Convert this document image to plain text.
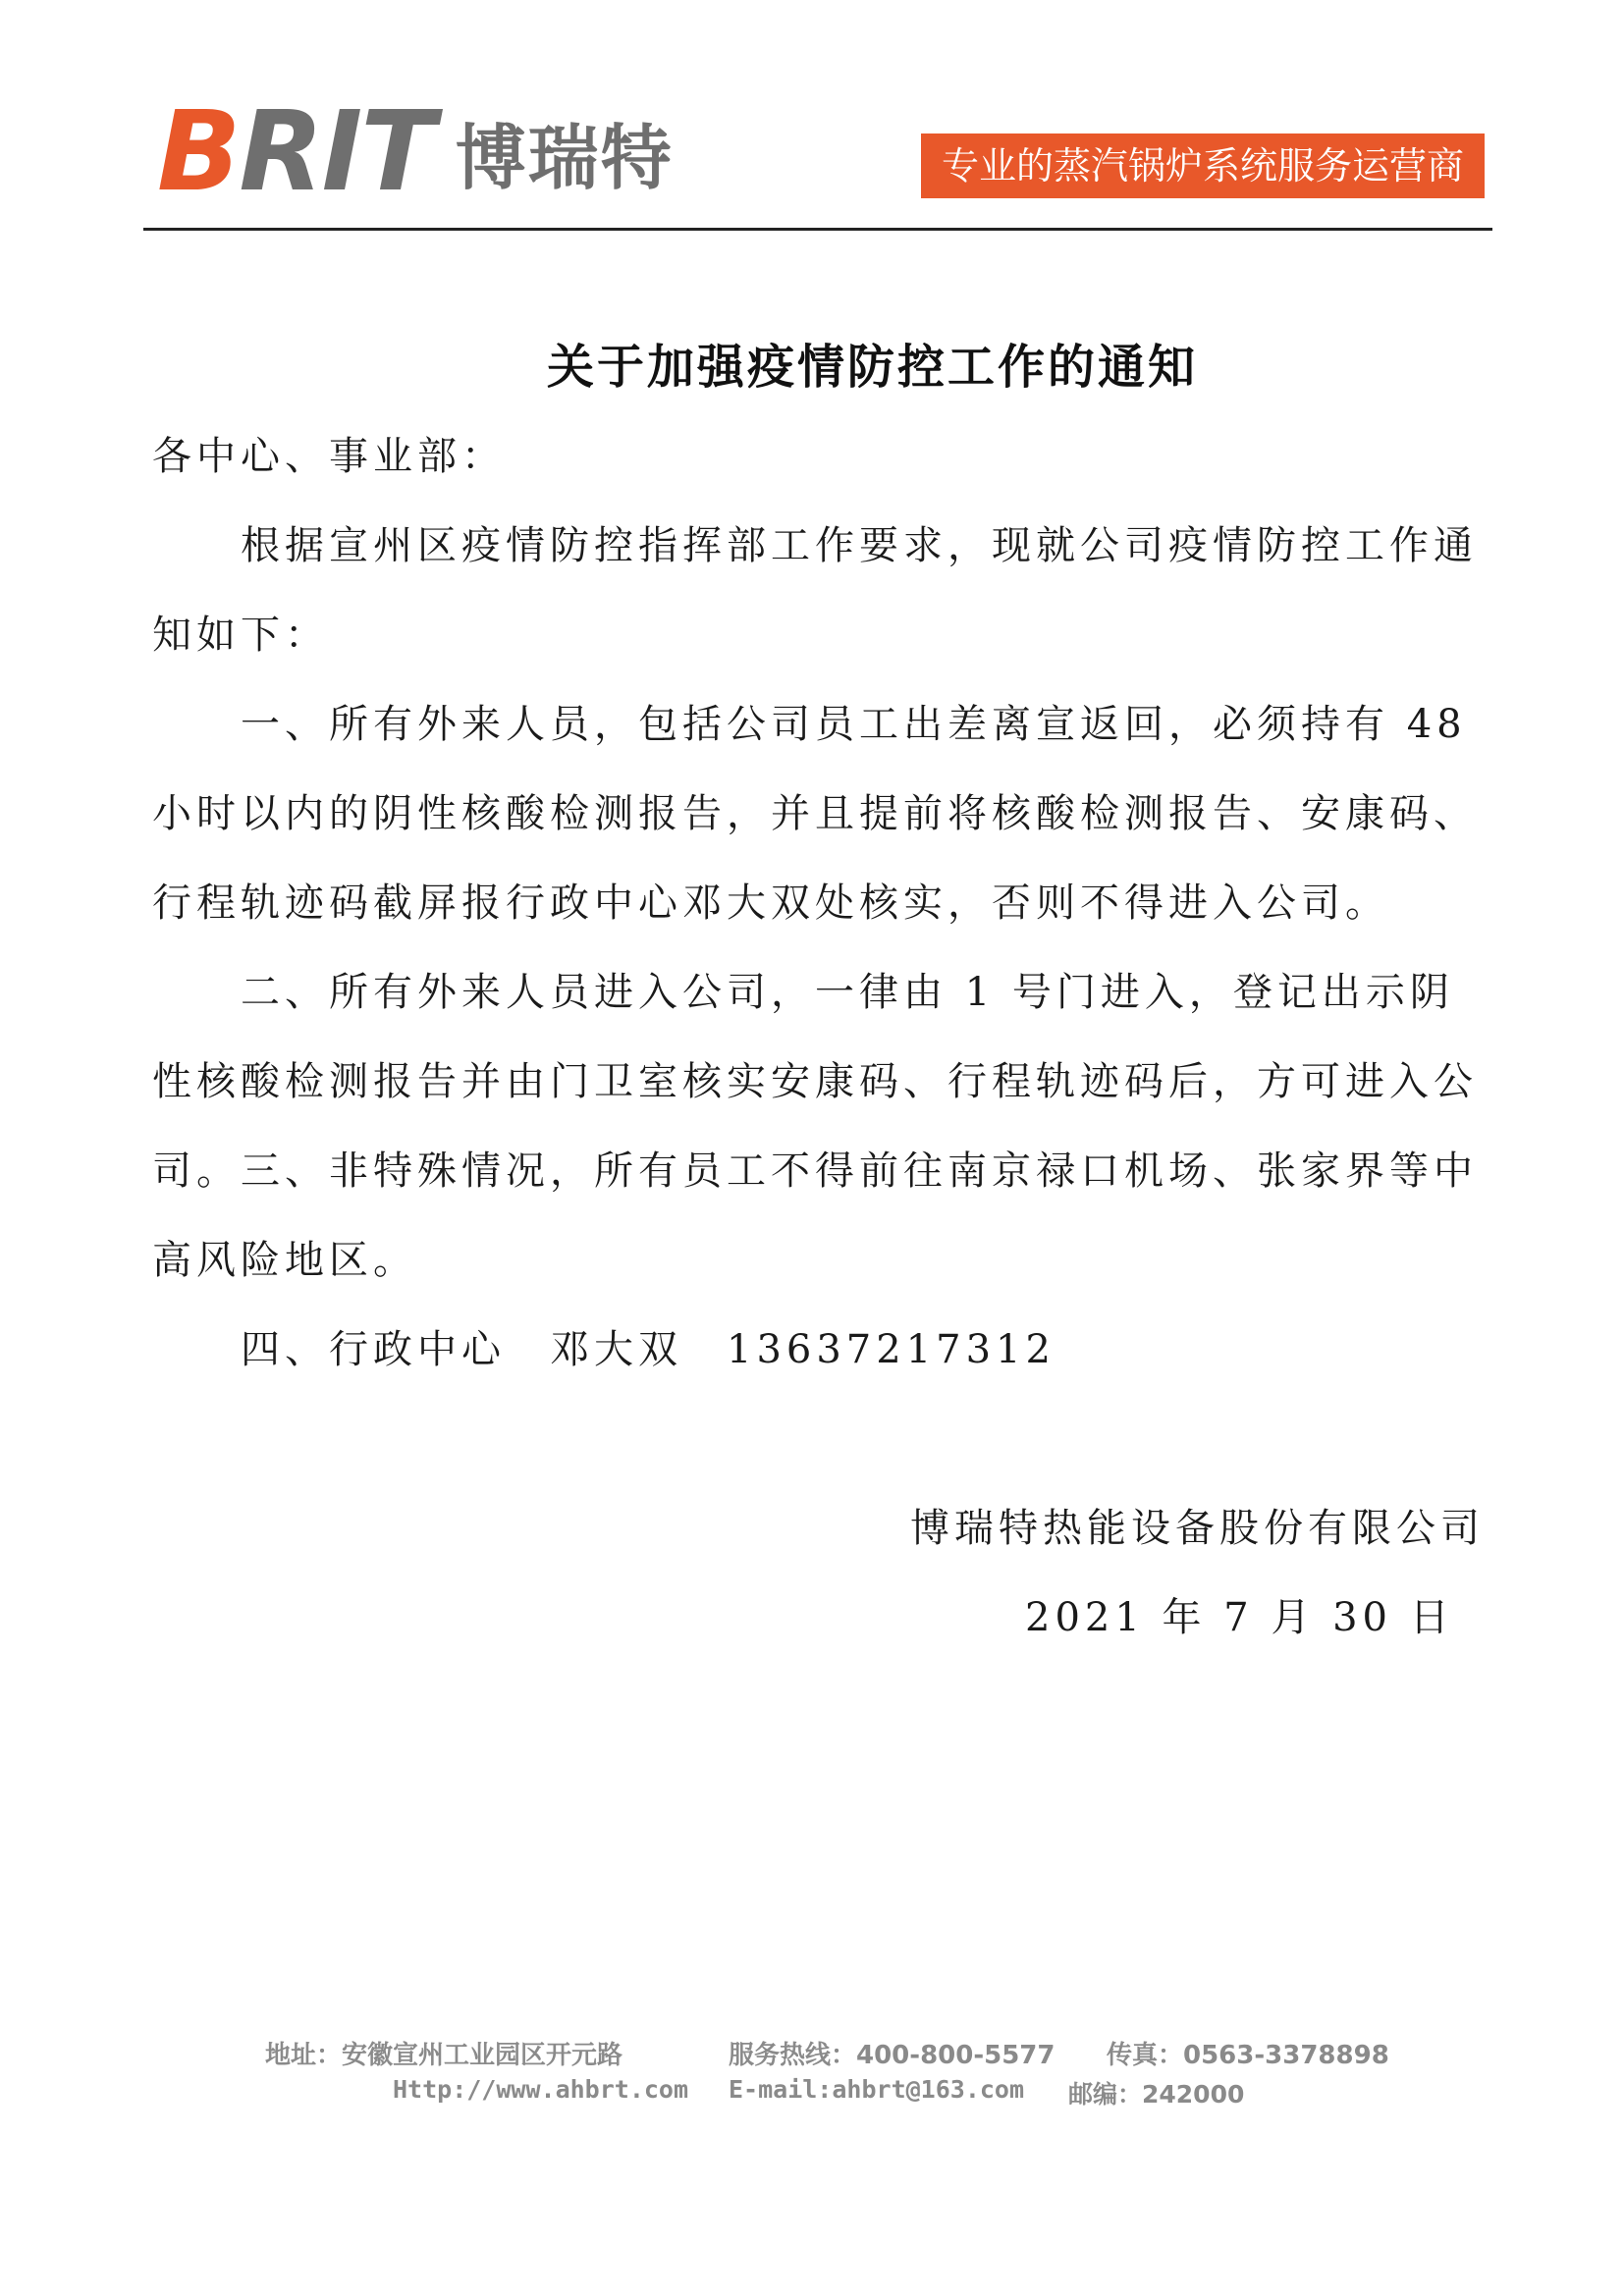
B RIT 博瑞特	专业的蒸汽锅炉系统服务运营商
关于加强疫情防控工作的通知
各中心、事业部：
根据宣州区疫情防控指挥部工作要求，现就公司疫情防控工作通知如下：
一、所有外来人员，包括公司员工出差离宣返回，必须持有 48 小时以内的阴性核酸检测报告，并且提前将核酸检测报告、安康码、行程轨迹码截屏报行政中心邓大双处核实，否则不得进入公司。
二、所有外来人员进入公司，一律由 1 号门进入，登记出示阴性核酸检测报告并由门卫室核实安康码、行程轨迹码后，方可进入公司。 三、非特殊情况，所有员工不得前往南京禄口机场、张家界等中高风险地区。
四、行政中心　邓大双　13637217312
博瑞特热能设备股份有限公司
2021 年 7 月 30 日
地址：安徽宣州工业园区开元路	服务热线：400-800-5577 传真：0563-3378898
Http://www.ahbrt.com E-mail:ahbrt@163.com 邮编：242000
